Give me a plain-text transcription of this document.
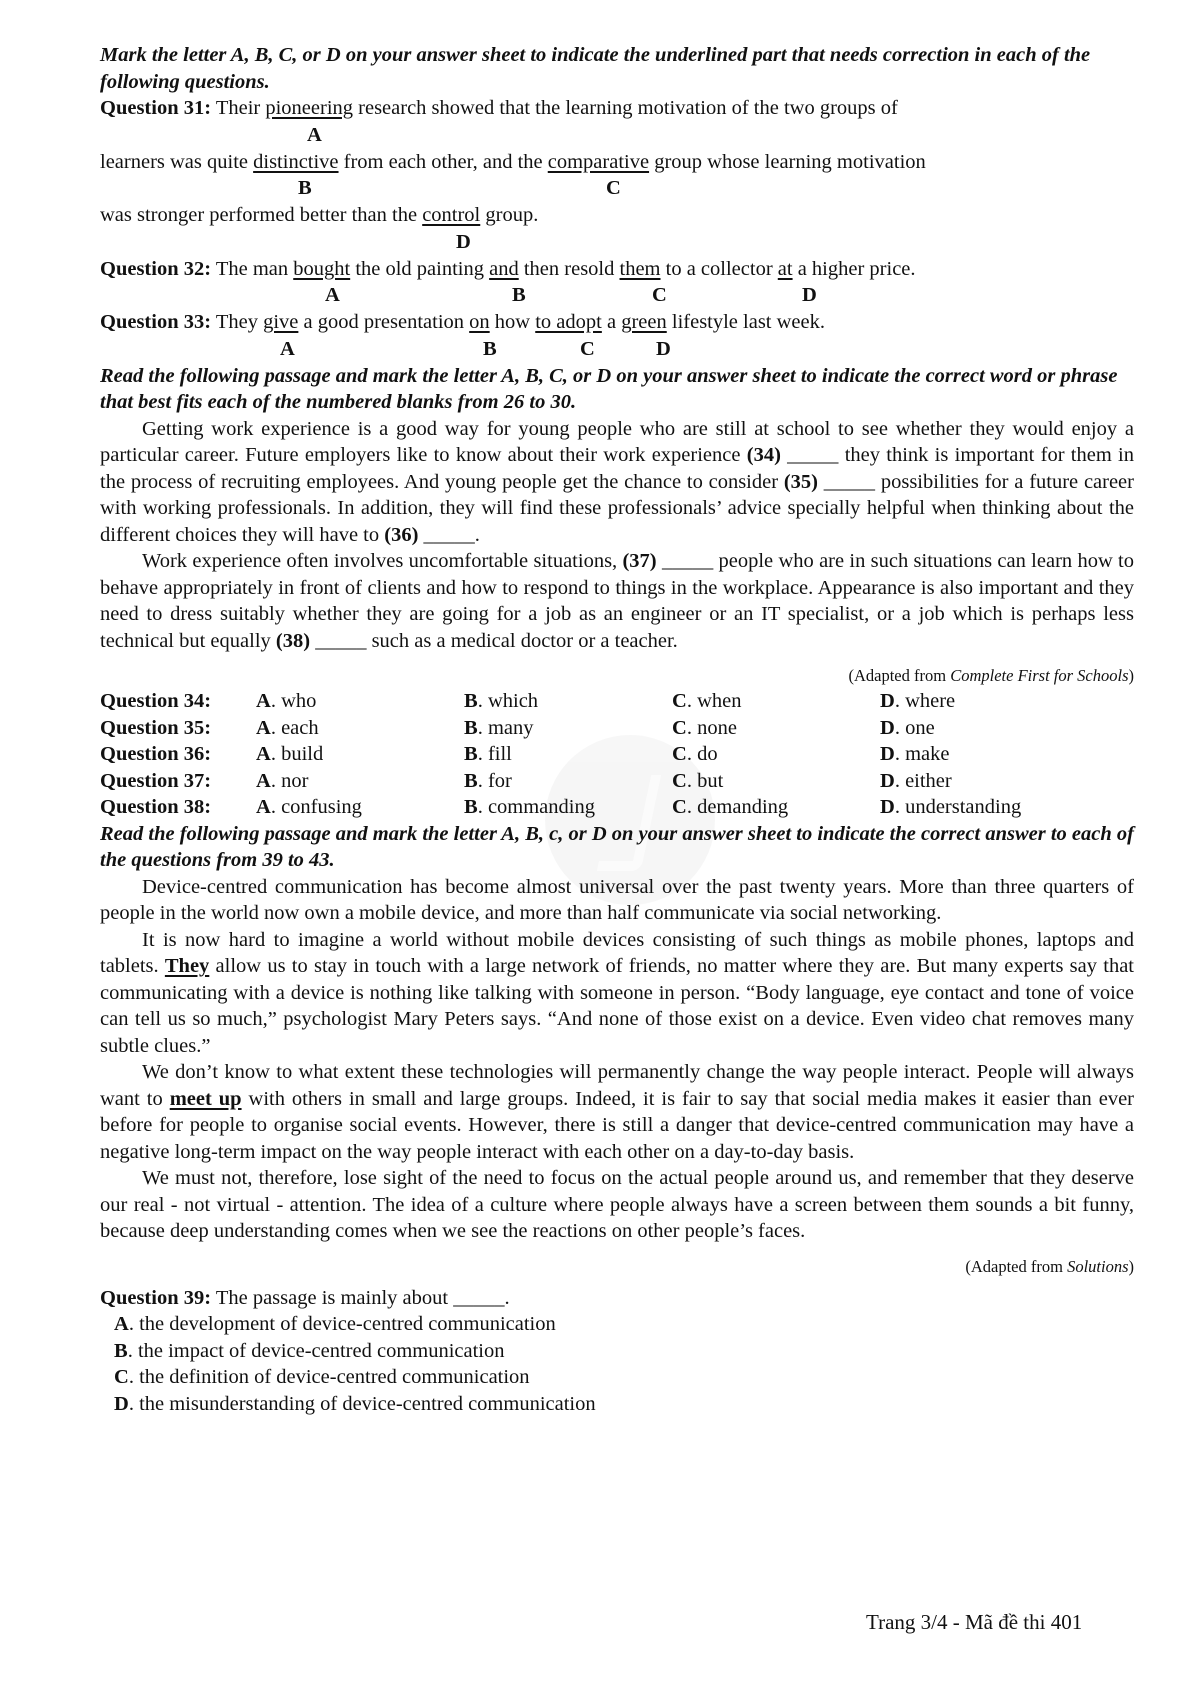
Mark the letter A, B, C, or D on your answer sheet to indicate the underlined part that needs correction in each of the following questions.
Question 31: Their pioneering research showed that the learning motivation of the two groups of
A
learners was quite distinctive from each other, and the comparative group whose learning motivation
B	C
was stronger performed better than the control group.
D
Question 32: The man bought the old painting and then resold them to a collector at a higher price.
A	B	C	D
Question 33: They give a good presentation on how to adopt a green lifestyle last week.
A	B	C	D
Read the following passage and mark the letter A, B, C, or D on your answer sheet to indicate the correct word or phrase that best fits each of the numbered blanks from 26 to 30.
Getting work experience is a good way for young people who are still at school to see whether they would enjoy a particular career. Future employers like to know about their work experience (34) _____ they think is important for them in the process of recruiting employees. And young people get the chance to consider (35) _____ possibilities for a future career with working professionals. In addition, they will find these professionals’ advice specially helpful when thinking about the different choices they will have to (36) _____.
Work experience often involves uncomfortable situations, (37) _____ people who are in such situations can learn how to behave appropriately in front of clients and how to respond to things in the workplace. Appearance is also important and they need to dress suitably whether they are going for a job as an engineer or an IT specialist, or a job which is perhaps less technical but equally (38) _____ such as a medical doctor or a teacher.
(Adapted from Complete First for Schools)
Question 34:	A. who	B. which	C. when	D. where
Question 35:	A. each	B. many	C. none	D. one
Question 36:	A. build	B. fill	C. do	D. make
Question 37:	A. nor	B. for	C. but	D. either
Question 38:	A. confusing	B. commanding	C. demanding	D. understanding
Read the following passage and mark the letter A, B, c, or D on your answer sheet to indicate the correct answer to each of the questions from 39 to 43.
Device-centred communication has become almost universal over the past twenty years. More than three quarters of people in the world now own a mobile device, and more than half communicate via social networking.
It is now hard to imagine a world without mobile devices consisting of such things as mobile phones, laptops and tablets. They allow us to stay in touch with a large network of friends, no matter where they are. But many experts say that communicating with a device is nothing like talking with someone in person. “Body language, eye contact and tone of voice can tell us so much,” psychologist Mary Peters says. “And none of those exist on a device. Even video chat removes many subtle clues.”
We don’t know to what extent these technologies will permanently change the way people interact. People will always want to meet up with others in small and large groups. Indeed, it is fair to say that social media makes it easier than ever before for people to organise social events. However, there is still a danger that device-centred communication may have a negative long-term impact on the way people interact with each other on a day-to-day basis.
We must not, therefore, lose sight of the need to focus on the actual people around us, and remember that they deserve our real - not virtual - attention. The idea of a culture where people always have a screen between them sounds a bit funny, because deep understanding comes when we see the reactions on other people’s faces.
(Adapted from Solutions)
Question 39: The passage is mainly about _____.
A. the development of device-centred communication
B. the impact of device-centred communication
C. the definition of device-centred communication
D. the misunderstanding of device-centred communication
Trang 3/4 - Mã đề thi 401
